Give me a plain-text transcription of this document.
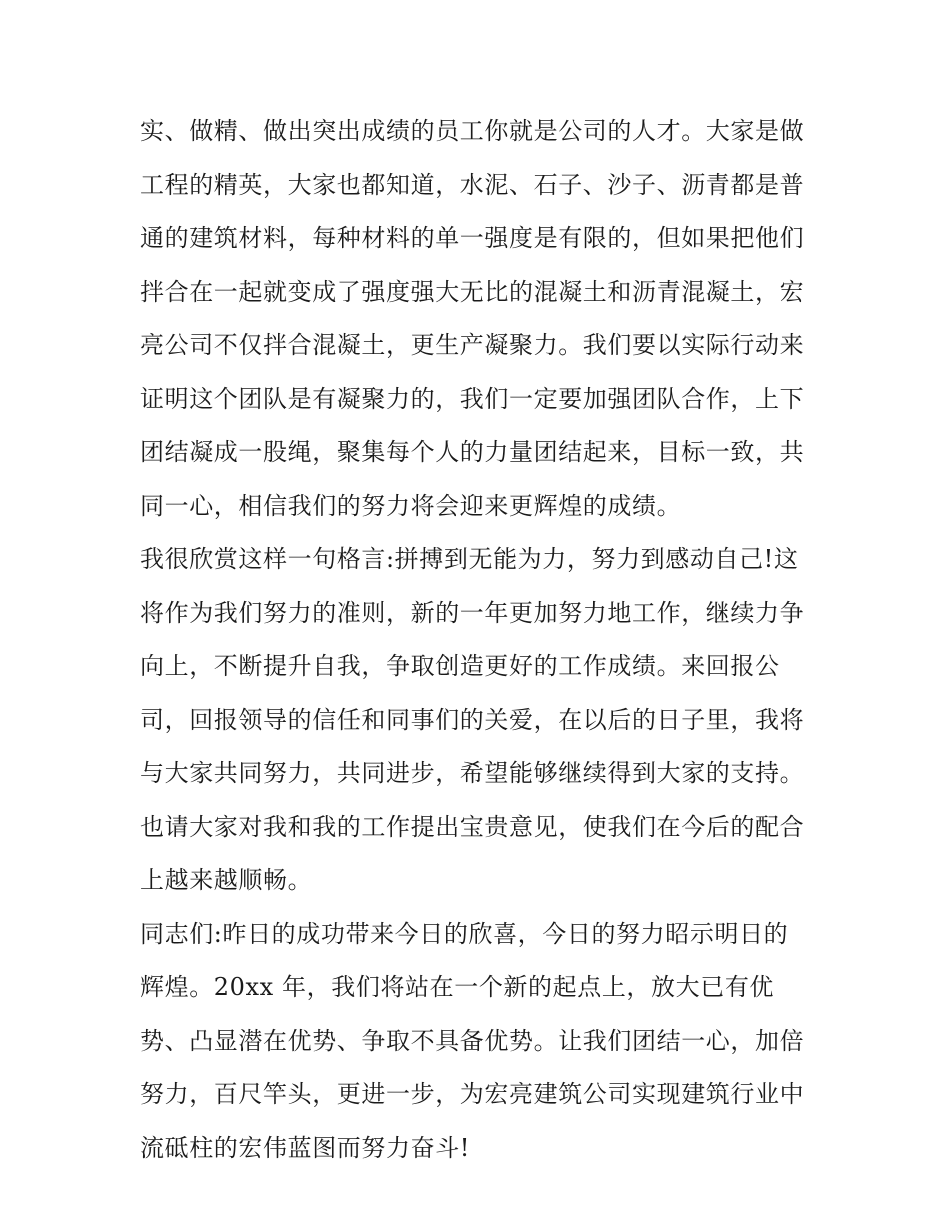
实、做精、做出突出成绩的员工你就是公司的人才。大家是做
工程的精英，大家也都知道，水泥、石子、沙子、沥青都是普
通的建筑材料，每种材料的单一强度是有限的，但如果把他们
拌合在一起就变成了强度强大无比的混凝土和沥青混凝土，宏
亮公司不仅拌合混凝土，更生产凝聚力。我们要以实际行动来
证明这个团队是有凝聚力的，我们一定要加强团队合作，上下
团结凝成一股绳，聚集每个人的力量团结起来，目标一致，共
同一心，相信我们的努力将会迎来更辉煌的成绩。
我很欣赏这样一句格言:拼搏到无能为力，努力到感动自己!这
将作为我们努力的准则，新的一年更加努力地工作，继续力争
向上，不断提升自我，争取创造更好的工作成绩。来回报公
司，回报领导的信任和同事们的关爱，在以后的日子里，我将
与大家共同努力，共同进步，希望能够继续得到大家的支持。
也请大家对我和我的工作提出宝贵意见，使我们在今后的配合
上越来越顺畅。
同志们:昨日的成功带来今日的欣喜，今日的努力昭示明日的
辉煌。20xx 年，我们将站在一个新的起点上，放大已有优
势、凸显潜在优势、争取不具备优势。让我们团结一心，加倍
努力，百尺竿头，更进一步，为宏亮建筑公司实现建筑行业中
流砥柱的宏伟蓝图而努力奋斗!
